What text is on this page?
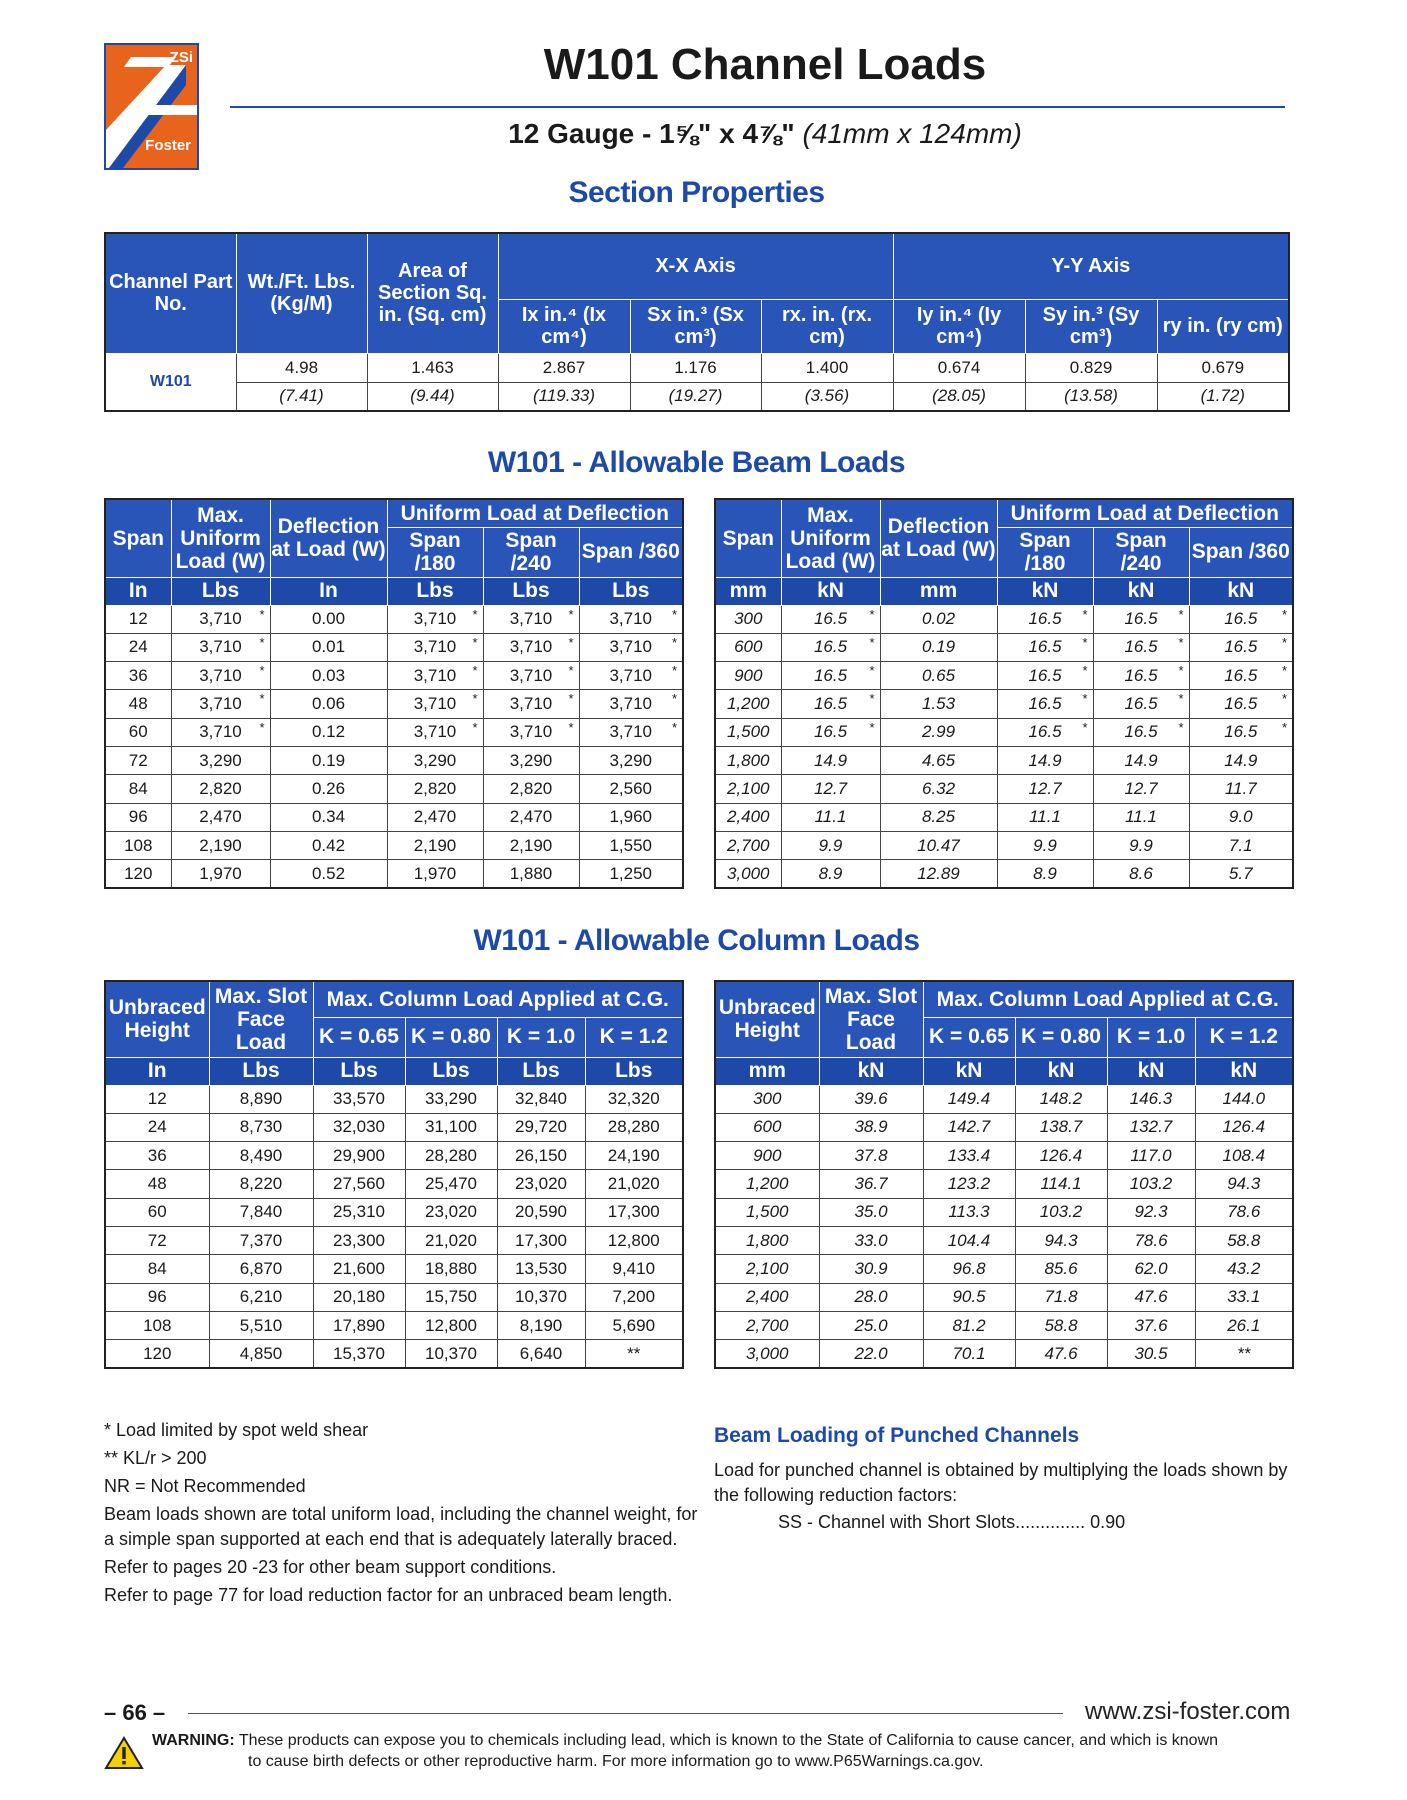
ZSi
Foster
W101 Channel Loads
12 Gauge - 1⅝" x 4⅞" (41mm x 124mm)
Section Properties
Channel Part No.	Wt./Ft. Lbs. (Kg/M)	Area of Section Sq. in. (Sq. cm)	X-X Axis			Y-Y Axis		
			Ix in.⁴ (Ix cm⁴)	Sx in.³ (Sx cm³)	rx. in. (rx. cm)	Iy in.⁴ (Iy cm⁴)	Sy in.³ (Sy cm³)	ry in. (ry cm)
W101	4.98	1.463	2.867	1.176	1.400	0.674	0.829	0.679
	(7.41)	(9.44)	(119.33)	(19.27)	(3.56)	(28.05)	(13.58)	(1.72)
W101 - Allowable Beam Loads
Span	Max. Uniform Load (W)	Deflection at Load (W)	Uniform Load at Deflection		
			Span /180	Span /240	Span /360
In	Lbs	In	Lbs	Lbs	Lbs
12	3,710 *	0.00	3,710 *	3,710 *	3,710 *

24	3,710 *	0.01	3,710 *	3,710 *	3,710 *

36	3,710 *	0.03	3,710 *	3,710 *	3,710 *

48	3,710 *	0.06	3,710 *	3,710 *	3,710 *

60	3,710 *	0.12	3,710 *	3,710 *	3,710 *

72	3,290	0.19	3,290	3,290	3,290
84	2,820	0.26	2,820	2,820	2,560
96	2,470	0.34	2,470	2,470	1,960
108	2,190	0.42	2,190	2,190	1,550
120	1,970	0.52	1,970	1,880	1,250
Span	Max. Uniform Load (W)	Deflection at Load (W)	Uniform Load at Deflection		
			Span /180	Span /240	Span /360
mm	kN	mm	kN	kN	kN
300	16.5 *	0.02	16.5 *	16.5 *	16.5 *

600	16.5 *	0.19	16.5 *	16.5 *	16.5 *

900	16.5 *	0.65	16.5 *	16.5 *	16.5 *

1,200	16.5 *	1.53	16.5 *	16.5 *	16.5 *

1,500	16.5 *	2.99	16.5 *	16.5 *	16.5 *

1,800	14.9	4.65	14.9	14.9	14.9
2,100	12.7	6.32	12.7	12.7	11.7
2,400	11.1	8.25	11.1	11.1	9.0
2,700	9.9	10.47	9.9	9.9	7.1
3,000	8.9	12.89	8.9	8.6	5.7
W101 - Allowable Column Loads
Unbraced Height	Max. Slot Face Load	Max. Column Load Applied at C.G.			
		K = 0.65	K = 0.80	K = 1.0	K = 1.2
In	Lbs	Lbs	Lbs	Lbs	Lbs
12	8,890	33,570	33,290	32,840	32,320
24	8,730	32,030	31,100	29,720	28,280
36	8,490	29,900	28,280	26,150	24,190
48	8,220	27,560	25,470	23,020	21,020
60	7,840	25,310	23,020	20,590	17,300
72	7,370	23,300	21,020	17,300	12,800
84	6,870	21,600	18,880	13,530	9,410
96	6,210	20,180	15,750	10,370	7,200
108	5,510	17,890	12,800	8,190	5,690
120	4,850	15,370	10,370	6,640	**
Unbraced Height	Max. Slot Face Load	Max. Column Load Applied at C.G.			
		K = 0.65	K = 0.80	K = 1.0	K = 1.2
mm	kN	kN	kN	kN	kN
300	39.6	149.4	148.2	146.3	144.0
600	38.9	142.7	138.7	132.7	126.4
900	37.8	133.4	126.4	117.0	108.4
1,200	36.7	123.2	114.1	103.2	94.3
1,500	35.0	113.3	103.2	92.3	78.6
1,800	33.0	104.4	94.3	78.6	58.8
2,100	30.9	96.8	85.6	62.0	43.2
2,400	28.0	90.5	71.8	47.6	33.1
2,700	25.0	81.2	58.8	37.6	26.1
3,000	22.0	70.1	47.6	30.5	**

* Load limited by spot weld shear

** KL/r > 200

NR = Not Recommended

Beam loads shown are total uniform load, including the channel weight, for a simple span supported at each end that is adequately laterally braced.

Refer to pages 20 -23 for other beam support conditions.

Refer to page 77 for load reduction factor for an unbraced beam length.

Beam Loading of Punched Channels
Load for punched channel is obtained by multiplying the loads shown by the following reduction factors:
SS - Channel with Short Slots.............. 0.90
– 66 –	www.zsi-foster.com
WARNING: These products can expose you to chemicals including lead, which is known to the State of California to cause cancer, and which is known
to cause birth defects or other reproductive harm. For more information go to www.P65Warnings.ca.gov.
